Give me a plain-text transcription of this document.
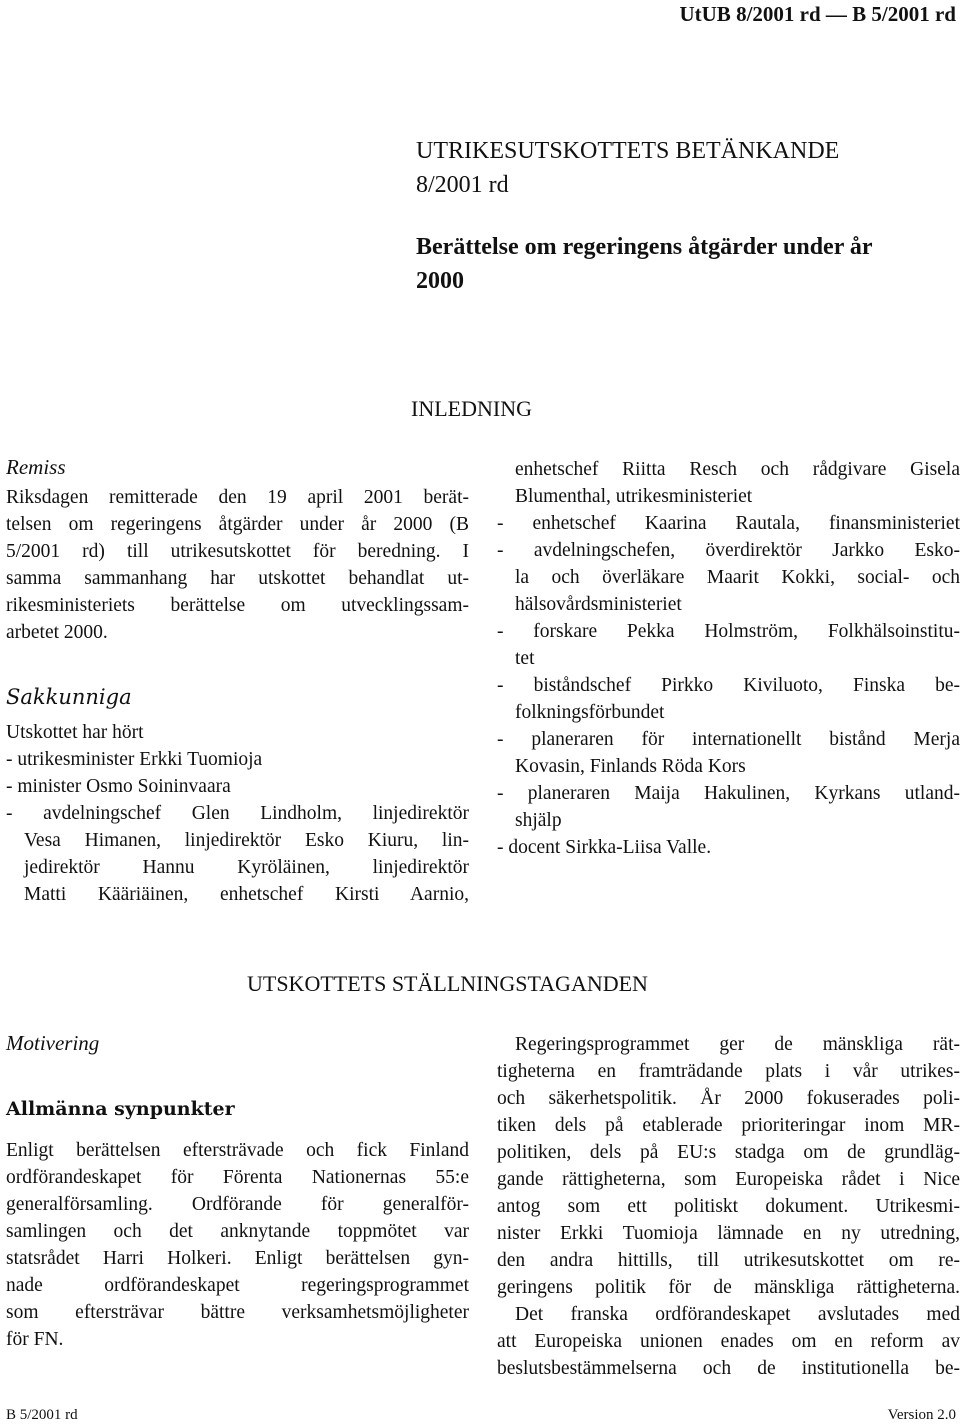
UtUB 8/2001 rd — B 5/2001 rd
UTRIKESUTSKOTTETS BETÄNKANDE
8/2001 rd
Berättelse om regeringens åtgärder under år
2000
INLEDNING
Remiss
Riksdagen remitterade den 19 april 2001 berät-
telsen om regeringens åtgärder under år 2000 (B
5/2001 rd) till utrikesutskottet för beredning. I
samma sammanhang har utskottet behandlat ut-
rikesministeriets berättelse om utvecklingssam-
arbetet 2000.
Sakkunniga
Utskottet har hört
- utrikesminister Erkki Tuomioja
- minister Osmo Soininvaara
- avdelningschef Glen Lindholm, linjedirektör
Vesa Himanen, linjedirektör Esko Kiuru, lin-
jedirektör Hannu Kyröläinen, linjedirektör
Matti Kääriäinen, enhetschef Kirsti Aarnio,
enhetschef Riitta Resch och rådgivare Gisela
Blumenthal, utrikesministeriet
- enhetschef Kaarina Rautala, finansministeriet
- avdelningschefen, överdirektör Jarkko Esko-
la och överläkare Maarit Kokki, social- och
hälsovårdsministeriet
- forskare Pekka Holmström, Folkhälsoinstitu-
tet
- biståndschef Pirkko Kiviluoto, Finska be-
folkningsförbundet
- planeraren för internationellt bistånd Merja
Kovasin, Finlands Röda Kors
- planeraren Maija Hakulinen, Kyrkans utland-
shjälp
- docent Sirkka-Liisa Valle.
UTSKOTTETS STÄLLNINGSTAGANDEN
Motivering
Allmänna synpunkter
Enligt berättelsen eftersträvade och fick Finland
ordförandeskapet för Förenta Nationernas 55:e
generalförsamling. Ordförande för generalför-
samlingen och det anknytande toppmötet var
statsrådet Harri Holkeri. Enligt berättelsen gyn-
nade ordförandeskapet regeringsprogrammet
som eftersträvar bättre verksamhetsmöjligheter
för FN.
Regeringsprogrammet ger de mänskliga rät-
tigheterna en framträdande plats i vår utrikes-
och säkerhetspolitik. År 2000 fokuserades poli-
tiken dels på etablerade prioriteringar inom MR-
politiken, dels på EU:s stadga om de grundläg-
gande rättigheterna, som Europeiska rådet i Nice
antog som ett politiskt dokument. Utrikesmi-
nister Erkki Tuomioja lämnade en ny utredning,
den andra hittills, till utrikesutskottet om re-
geringens politik för de mänskliga rättigheterna.
Det franska ordförandeskapet avslutades med
att Europeiska unionen enades om en reform av
beslutsbestämmelserna och de institutionella be-
B 5/2001 rd	Version 2.0
